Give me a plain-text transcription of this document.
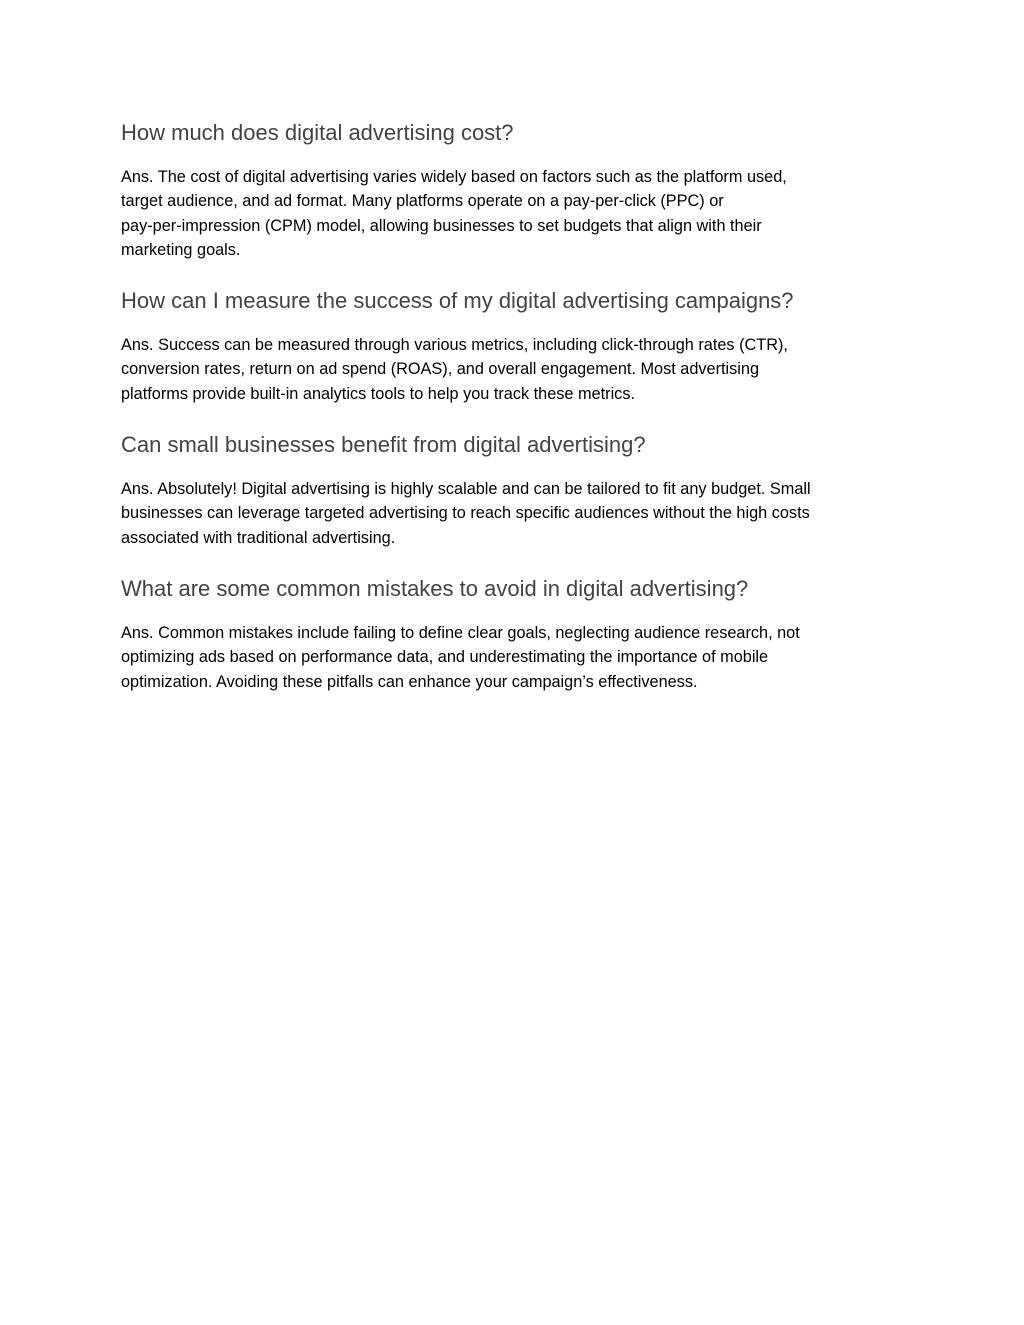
How much does digital advertising cost?

Ans. The cost of digital advertising varies widely based on factors such as the platform used,
target audience, and ad format. Many platforms operate on a pay-per-click (PPC) or
pay-per-impression (CPM) model, allowing businesses to set budgets that align with their
marketing goals.

How can I measure the success of my digital advertising campaigns?

Ans. Success can be measured through various metrics, including click-through rates (CTR),
conversion rates, return on ad spend (ROAS), and overall engagement. Most advertising
platforms provide built-in analytics tools to help you track these metrics.

Can small businesses benefit from digital advertising?

Ans. Absolutely! Digital advertising is highly scalable and can be tailored to fit any budget. Small
businesses can leverage targeted advertising to reach specific audiences without the high costs
associated with traditional advertising.

What are some common mistakes to avoid in digital advertising?

Ans. Common mistakes include failing to define clear goals, neglecting audience research, not
optimizing ads based on performance data, and underestimating the importance of mobile
optimization. Avoiding these pitfalls can enhance your campaign’s effectiveness.
